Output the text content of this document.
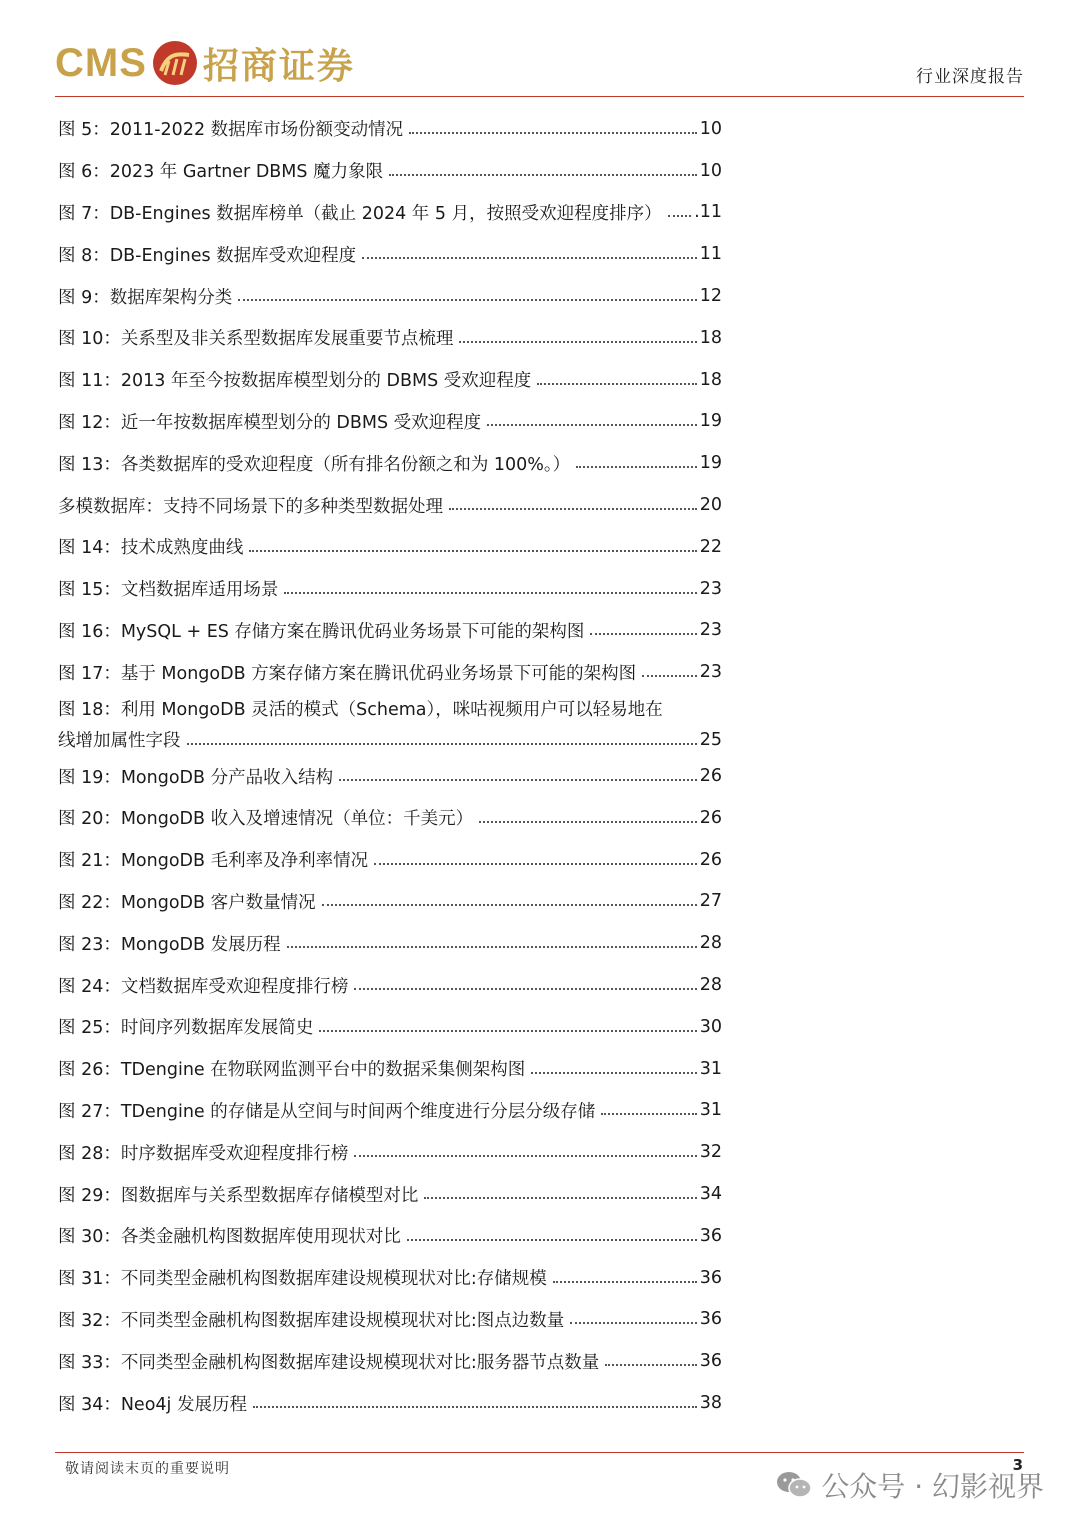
CMS 招商证券	行业深度报告
图 5：2011-2022 数据库市场份额变动情况	10
图 6：2023 年 Gartner DBMS 魔力象限	10
图 7：DB-Engines 数据库榜单（截止 2024 年 5 月，按照受欢迎程度排序） .11
图 8：DB-Engines 数据库受欢迎程度	11
图 9：数据库架构分类	12
图 10：关系型及非关系型数据库发展重要节点梳理	18
图 11：2013 年至今按数据库模型划分的 DBMS 受欢迎程度	18
图 12：近一年按数据库模型划分的 DBMS 受欢迎程度	19
图 13：各类数据库的受欢迎程度（所有排名份额之和为 100%。）	19
多模数据库：支持不同场景下的多种类型数据处理	20
图 14：技术成熟度曲线	22
图 15：文档数据库适用场景	23
图 16：MySQL + ES 存储方案在腾讯优码业务场景下可能的架构图	23
图 17：基于 MongoDB 方案存储方案在腾讯优码业务场景下可能的架构图	23
图 18：利用 MongoDB 灵活的模式（Schema），咪咕视频用户可以轻易地在
线增加属性字段	25
图 19：MongoDB 分产品收入结构	26
图 20：MongoDB 收入及增速情况（单位：千美元）	26
图 21：MongoDB 毛利率及净利率情况	26
图 22：MongoDB 客户数量情况	27
图 23：MongoDB 发展历程	28
图 24：文档数据库受欢迎程度排行榜	28
图 25：时间序列数据库发展简史	30
图 26：TDengine 在物联网监测平台中的数据采集侧架构图	31
图 27：TDengine 的存储是从空间与时间两个维度进行分层分级存储	31
图 28：时序数据库受欢迎程度排行榜	32
图 29：图数据库与关系型数据库存储模型对比	34
图 30：各类金融机构图数据库使用现状对比	36
图 31：不同类型金融机构图数据库建设规模现状对比:存储规模	36
图 32：不同类型金融机构图数据库建设规模现状对比:图点边数量	36
图 33：不同类型金融机构图数据库建设规模现状对比:服务器节点数量	36
图 34：Neo4j 发展历程	38
敬请阅读末页的重要说明	3
公众号 · 幻影视界
